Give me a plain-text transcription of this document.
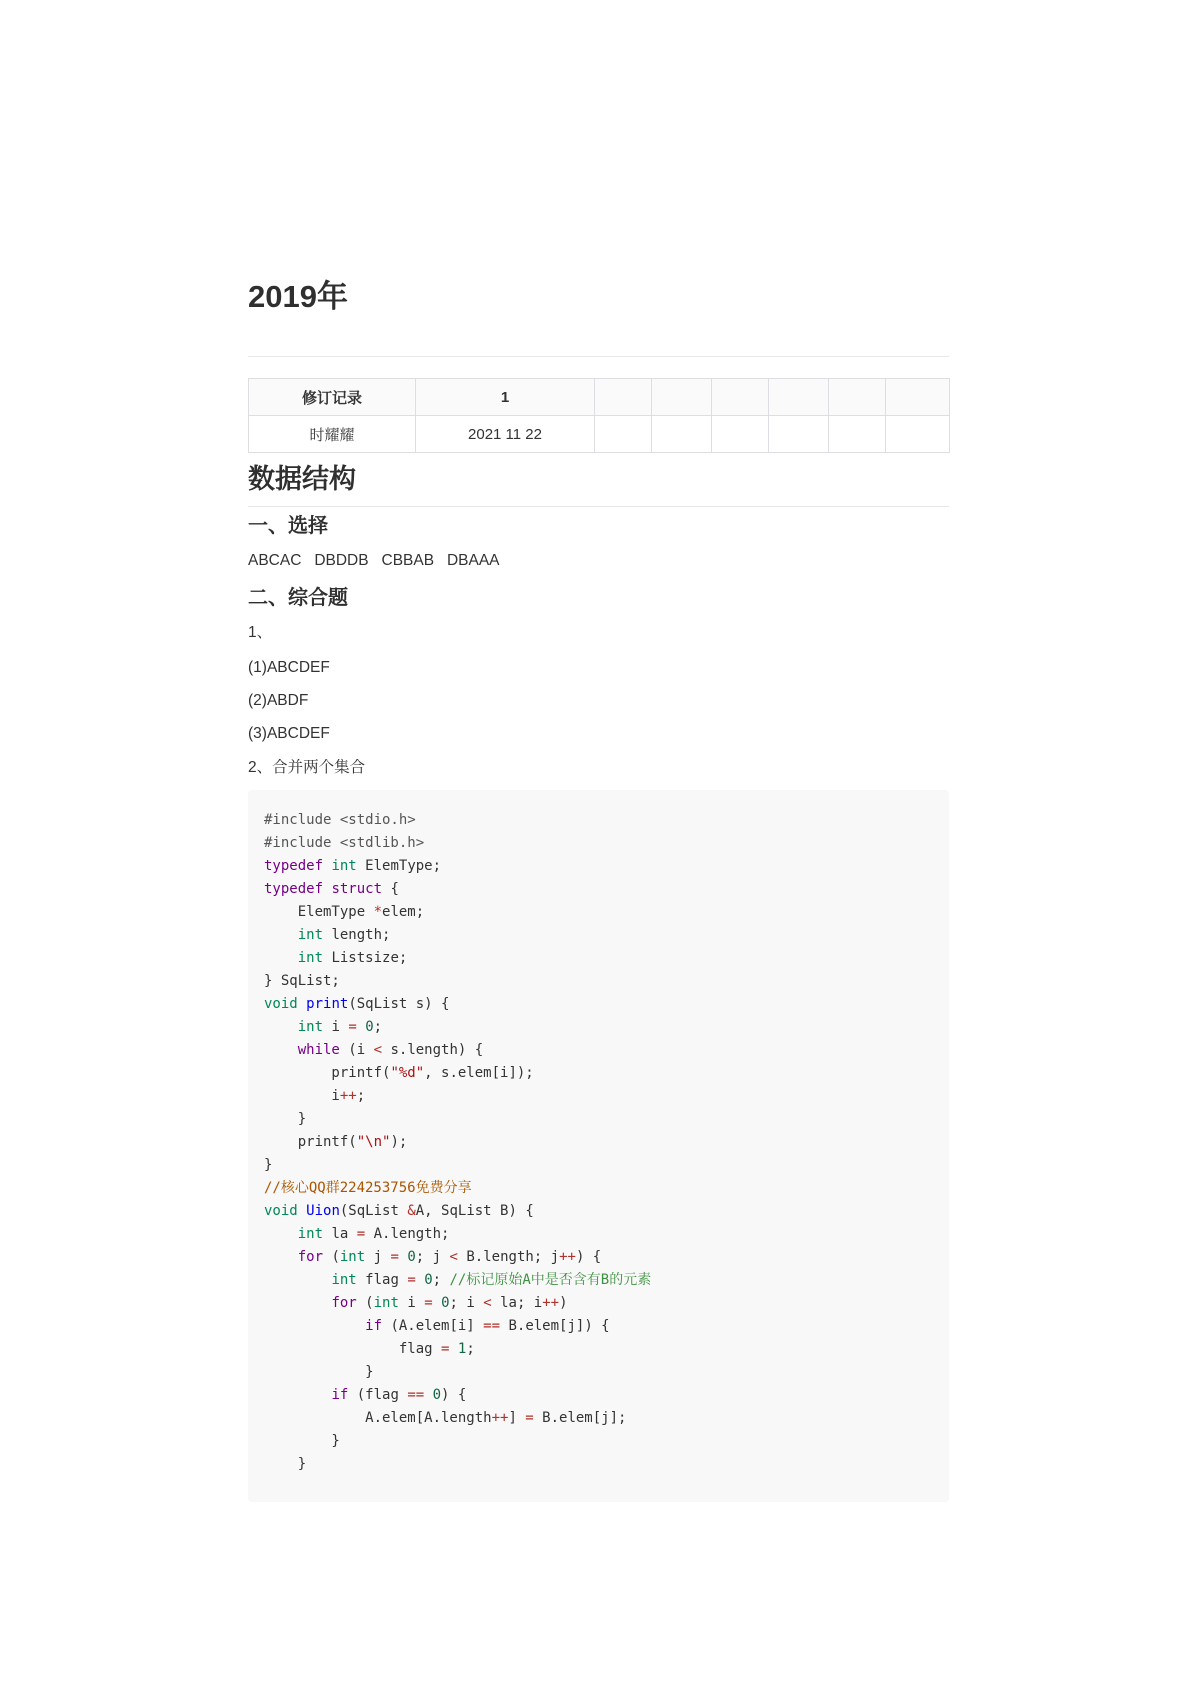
2019年
修订记录	1						
时耀耀	2021 11 22						
数据结构
一、选择

ABCAC   DBDDB   CBBAB   DBAAA

二、综合题

1、

(1)ABCDEF

(2)ABDF

(3)ABCDEF

2、合并两个集合

#include <stdio.h>
#include <stdlib.h>
typedef int ElemType;
typedef struct {
ElemType *elem;
int length;
int Listsize;
} SqList;
void print(SqList s) {
int i = 0;
while (i < s.length) {
printf("%d", s.elem[i]);
i++;
}
printf("\n");
}
//核心QQ群224253756免费分享
void Uion(SqList &A, SqList B) {
int la = A.length;
for (int j = 0; j < B.length; j++) {
int flag = 0; //标记原始A中是否含有B的元素
for (int i = 0; i < la; i++)
if (A.elem[i] == B.elem[j]) {
flag = 1;
}
if (flag == 0) {
A.elem[A.length++] = B.elem[j];
}
}
